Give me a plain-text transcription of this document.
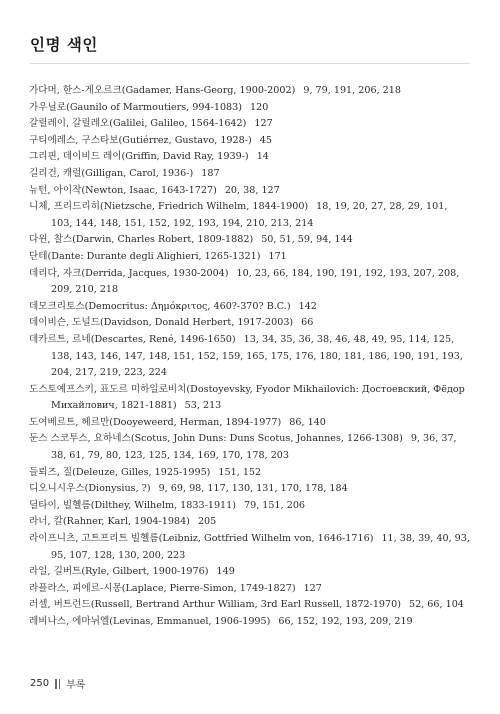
인명 색인
가다머, 한스-게오르크(Gadamer, Hans-Georg, 1900-2002) 9, 79, 191, 206, 218
가우닐로(Gaunilo of Marmoutiers, 994-1083) 120
갈릴레이, 갈릴레오(Galilei, Galileo, 1564-1642) 127
구티에레스, 구스타보(Gutiérrez, Gustavo, 1928-) 45
그리핀, 데이비드 레이(Griffin, David Ray, 1939-) 14
길리건, 캐럴(Gilligan, Carol, 1936-) 187
뉴턴, 아이작(Newton, Isaac, 1643-1727) 20, 38, 127
니체, 프리드리히(Nietzsche, Friedrich Wilhelm, 1844-1900) 18, 19, 20, 27, 28, 29, 101, 103, 144, 148, 151, 152, 192, 193, 194, 210, 213, 214
다윈, 찰스(Darwin, Charles Robert, 1809-1882) 50, 51, 59, 94, 144
단테(Dante: Durante degli Alighieri, 1265-1321) 171
데리다, 자크(Derrida, Jacques, 1930-2004) 10, 23, 66, 184, 190, 191, 192, 193, 207, 208, 209, 210, 218
데모크리토스(Democritus: Δημόκριτος, 460?-370? B.C.) 142
데이비슨, 도널드(Davidson, Donald Herbert, 1917-2003) 66
데카르트, 르네(Descartes, René, 1496-1650) 13, 34, 35, 36, 38, 46, 48, 49, 95, 114, 125, 138, 143, 146, 147, 148, 151, 152, 159, 165, 175, 176, 180, 181, 186, 190, 191, 193, 204, 217, 219, 223, 224
도스토예프스키, 표도르 미하일로비치(Dostoyevsky, Fyodor Mikhailovich: Достоевский, Фёдор Михайлович, 1821-1881) 53, 213
도여베르트, 헤르만(Dooyeweerd, Herman, 1894-1977) 86, 140
둔스 스코투스, 요하네스(Scotus, John Duns: Duns Scotus, Johannes, 1266-1308) 9, 36, 37, 38, 61, 79, 80, 123, 125, 134, 169, 170, 178, 203
들뢰즈, 질(Deleuze, Gilles, 1925-1995) 151, 152
디오니시우스(Dionysius, ?) 9, 69, 98, 117, 130, 131, 170, 178, 184
딜타이, 빌헬름(Dilthey, Wilhelm, 1833-1911) 79, 151, 206
라너, 칼(Rahner, Karl, 1904-1984) 205
라이프니츠, 고트프리트 빌헬름(Leibniz, Gottfried Wilhelm von, 1646-1716) 11, 38, 39, 40, 93, 95, 107, 128, 130, 200, 223
라일, 길버트(Ryle, Gilbert, 1900-1976) 149
라플라스, 피에르-시몽(Laplace, Pierre-Simon, 1749-1827) 127
러셀, 버트런드(Russell, Bertrand Arthur William, 3rd Earl Russell, 1872-1970) 52, 66, 104
레비나스, 에마뉘엘(Levinas, Emmanuel, 1906-1995) 66, 152, 192, 193, 209, 219
250 부록
